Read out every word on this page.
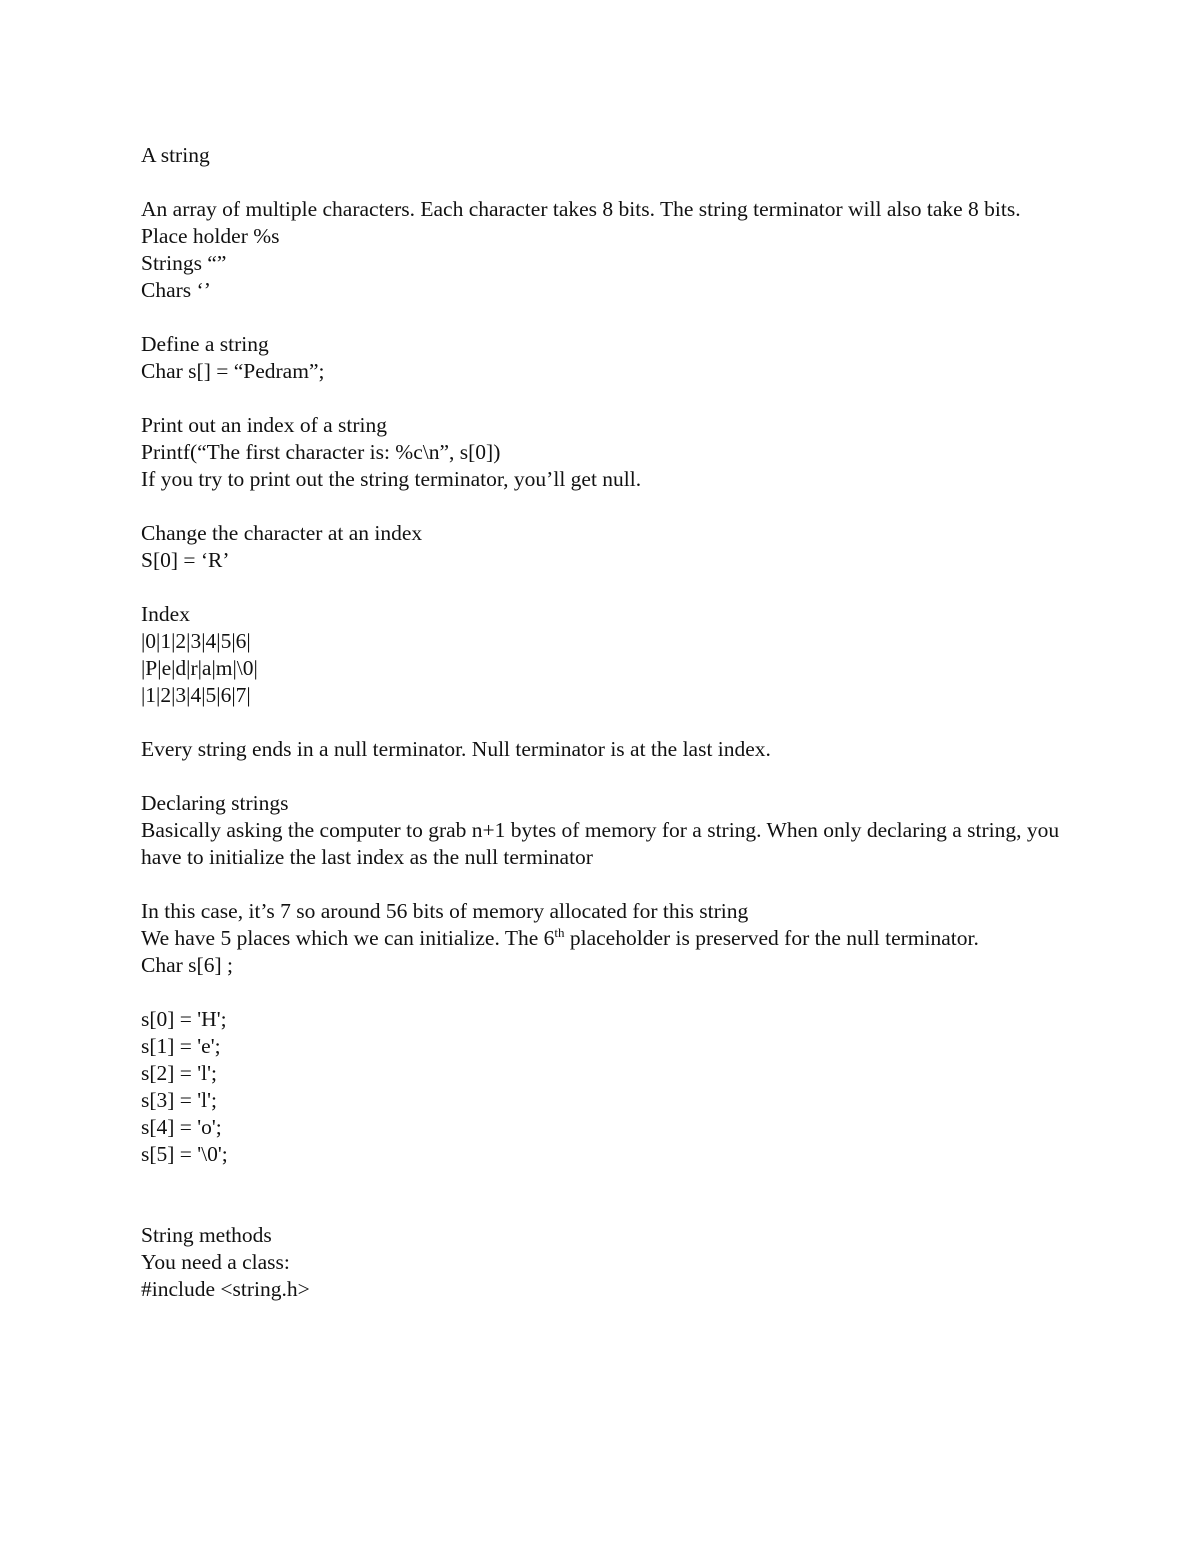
A string
An array of multiple characters. Each character takes 8 bits. The string terminator will also take 8 bits.
Place holder %s
Strings “”
Chars ‘’
Define a string
Char s[] = “Pedram”;
Print out an index of a string
Printf(“The first character is: %c\n”, s[0])
If you try to print out the string terminator, you’ll get null.
Change the character at an index
S[0] = ‘R’
Index
|0|1|2|3|4|5|6|
|P|e|d|r|a|m|\0|
|1|2|3|4|5|6|7|
Every string ends in a null terminator. Null terminator is at the last index.
Declaring strings
Basically asking the computer to grab n+1 bytes of memory for a string. When only declaring a string, you have to initialize the last index as the null terminator
In this case, it’s 7 so around 56 bits of memory allocated for this string
We have 5 places which we can initialize. The 6th placeholder is preserved for the null terminator.
Char s[6] ;
s[0] = 'H';
s[1] = 'e';
s[2] = 'l';
s[3] = 'l';
s[4] = 'o';
s[5] = '\0';
String methods
You need a class:
#include <string.h>
